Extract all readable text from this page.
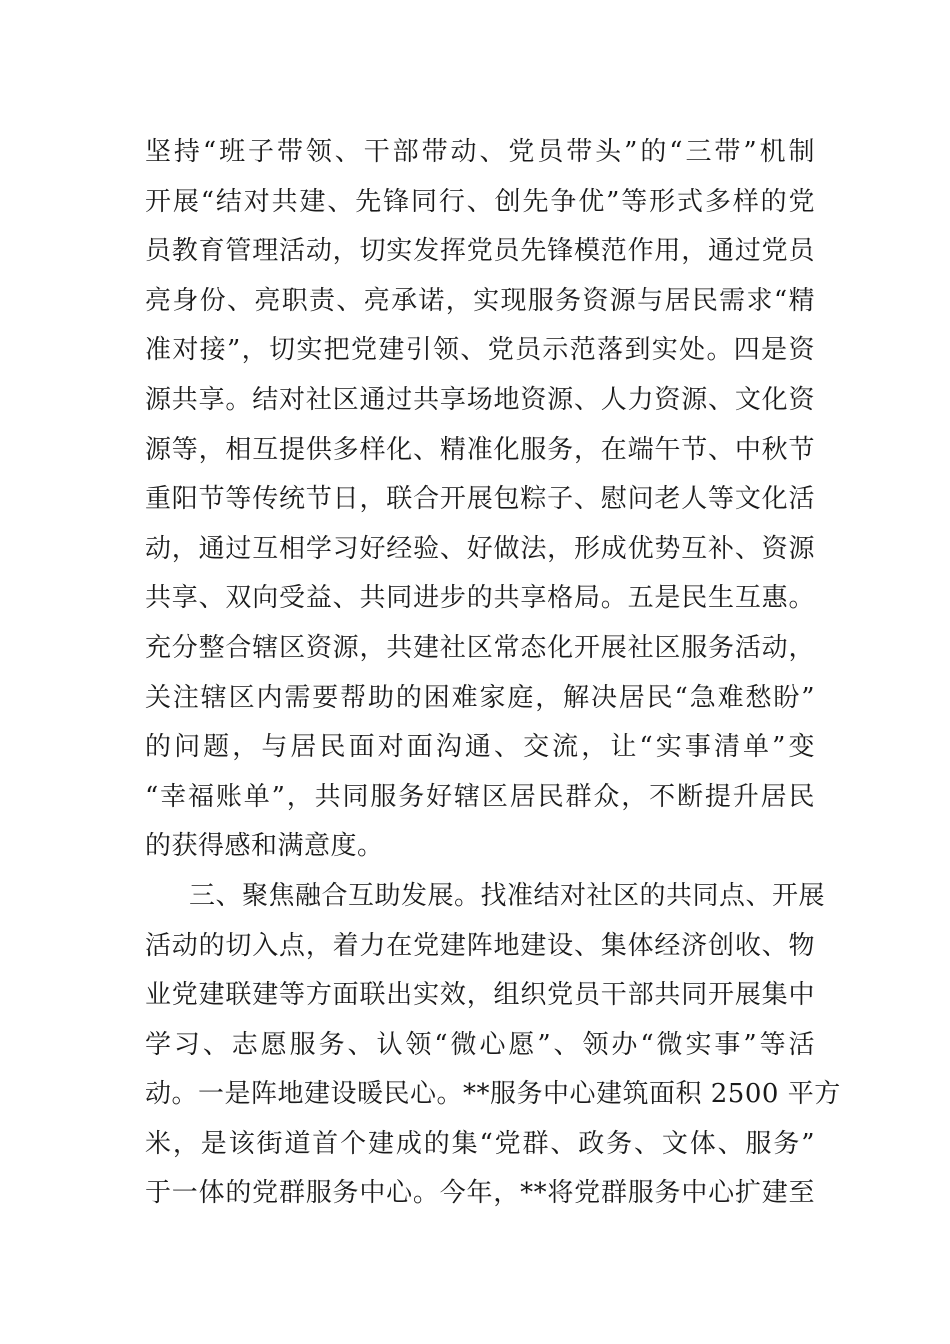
坚持“班子带领、干部带动、党员带头”的“三带”机制
开展“结对共建、先锋同行、创先争优”等形式多样的党
员教育管理活动，切实发挥党员先锋模范作用，通过党员
亮身份、亮职责、亮承诺，实现服务资源与居民需求“精
准对接”，切实把党建引领、党员示范落到实处。四是资
源共享。结对社区通过共享场地资源、人力资源、文化资
源等，相互提供多样化、精准化服务，在端午节、中秋节
重阳节等传统节日，联合开展包粽子、慰问老人等文化活
动，通过互相学习好经验、好做法，形成优势互补、资源
共享、双向受益、共同进步的共享格局。五是民生互惠。
充分整合辖区资源，共建社区常态化开展社区服务活动，
关注辖区内需要帮助的困难家庭，解决居民“急难愁盼”
的问题，与居民面对面沟通、交流，让“实事清单”变
“幸福账单”，共同服务好辖区居民群众，不断提升居民
的获得感和满意度。
三、聚焦融合互助发展。找准结对社区的共同点、开展
活动的切入点，着力在党建阵地建设、集体经济创收、物
业党建联建等方面联出实效，组织党员干部共同开展集中
学习、志愿服务、认领“微心愿”、领办“微实事”等活
动。一是阵地建设暖民心。**服务中心建筑面积 2500 平方
米，是该街道首个建成的集“党群、政务、文体、服务”
于一体的党群服务中心。今年，**将党群服务中心扩建至
